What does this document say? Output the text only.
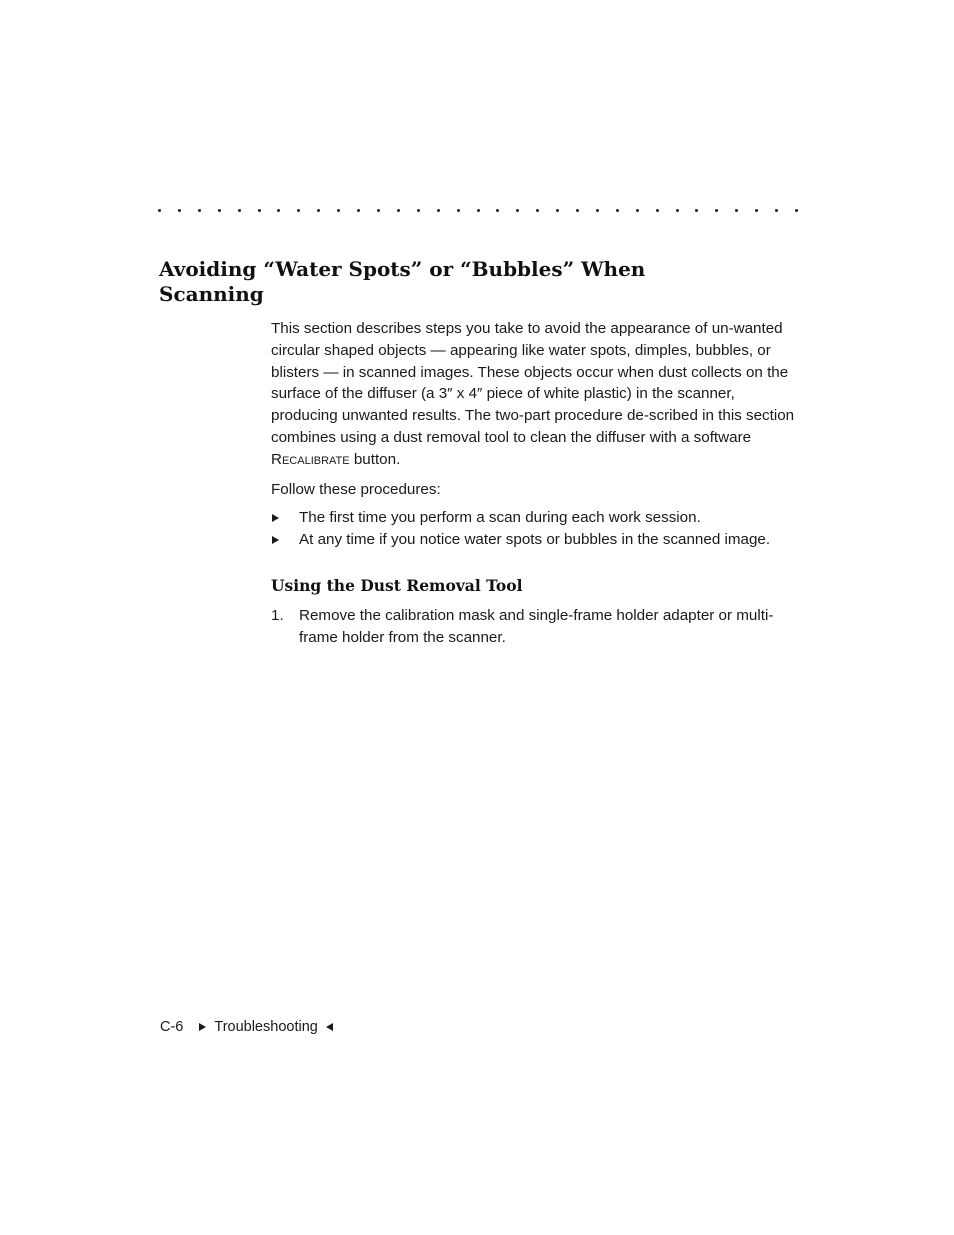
Avoiding “Water Spots” or “Bubbles” When Scanning

This section describes steps you take to avoid the appearance of un-wanted circular shaped objects — appearing like water spots, dimples, bubbles, or blisters — in scanned images. These objects occur when dust collects on the surface of the diffuser (a 3″ x 4″ piece of white plastic) in the scanner, producing unwanted results. The two-part procedure de-scribed in this section combines using a dust removal tool to clean the diffuser with a software Recalibrate button.

Follow these procedures:

The first time you perform a scan during each work session.
At any time if you notice water spots or bubbles in the scanned image.
Using the Dust Removal Tool
1. Remove the calibration mask and single-frame holder adapter or multi-frame holder from the scanner.
C-6 Troubleshooting
